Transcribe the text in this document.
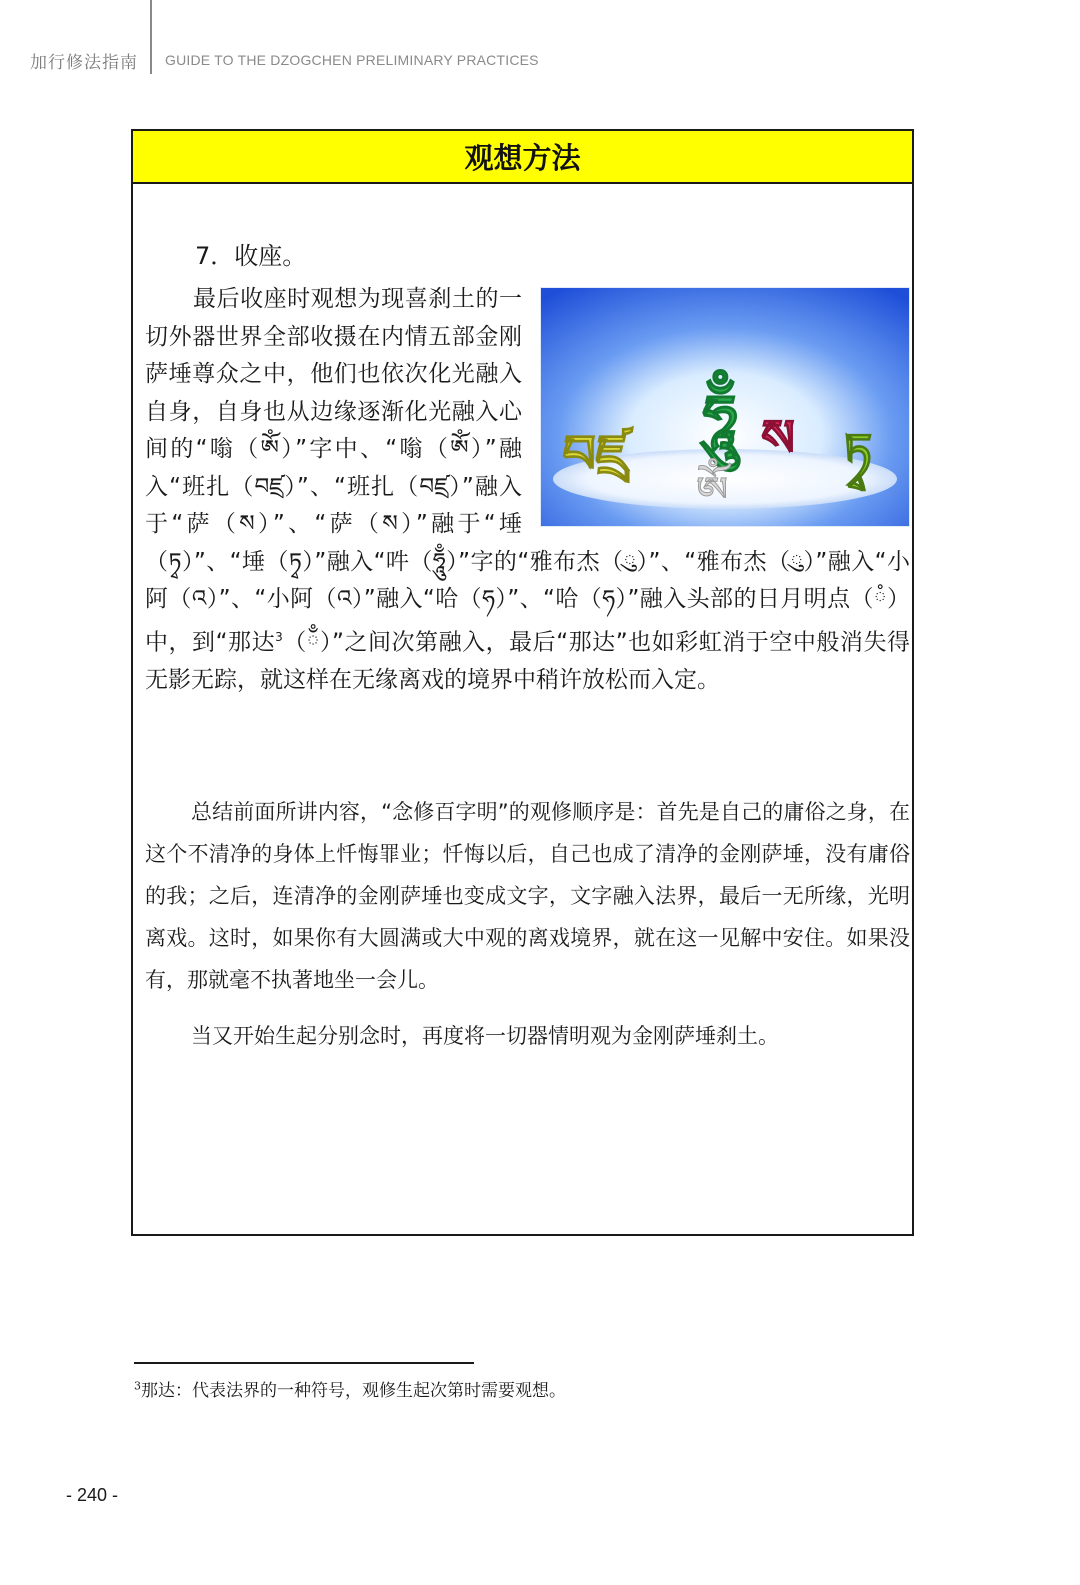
加行修法指南 GUIDE TO THE DZOGCHEN PRELIMINARY PRACTICES
观想方法

7．收座。

བཛྲ
ཧཱུྃ ས ཏྭ
ༀ
最后收座时观想为现喜刹土的一切外器世界全部收摄在内情五部金刚萨埵尊众之中，他们也依次化光融入自身，自身也从边缘逐渐化光融入心间的“嗡（ༀ）”字中、“嗡（ༀ）”融入“班扎（བཛྲ）”、“班扎（བཛྲ）”融入于“萨（ས）”、“萨（ས）”融于“埵（ཏྭ）”、“埵（ཏྭ）”融入“吽（ཧཱུྃ）”字的“雅布杰（ུ）”、“雅布杰（ུ）”融入“小阿（འ）”、“小阿（འ）”融入“哈（ཧ）”、“哈（ཧ）”融入头部的日月明点（ཾ）中，到“那达$^3$（ྃ）”之间次第融入，最后“那达”也如彩虹消于空中般消失得无影无踪，就这样在无缘离戏的境界中稍许放松而入定。

总结前面所讲内容，“念修百字明”的观修顺序是：首先是自己的庸俗之身，在这个不清净的身体上忏悔罪业；忏悔以后，自己也成了清净的金刚萨埵，没有庸俗的我；之后，连清净的金刚萨埵也变成文字，文字融入法界，最后一无所缘，光明离戏。这时，如果你有大圆满或大中观的离戏境界，就在这一见解中安住。如果没有，那就毫不执著地坐一会儿。

当又开始生起分别念时，再度将一切器情明观为金刚萨埵刹土。

$^3$那达：代表法界的一种符号，观修生起次第时需要观想。
- 240 -
